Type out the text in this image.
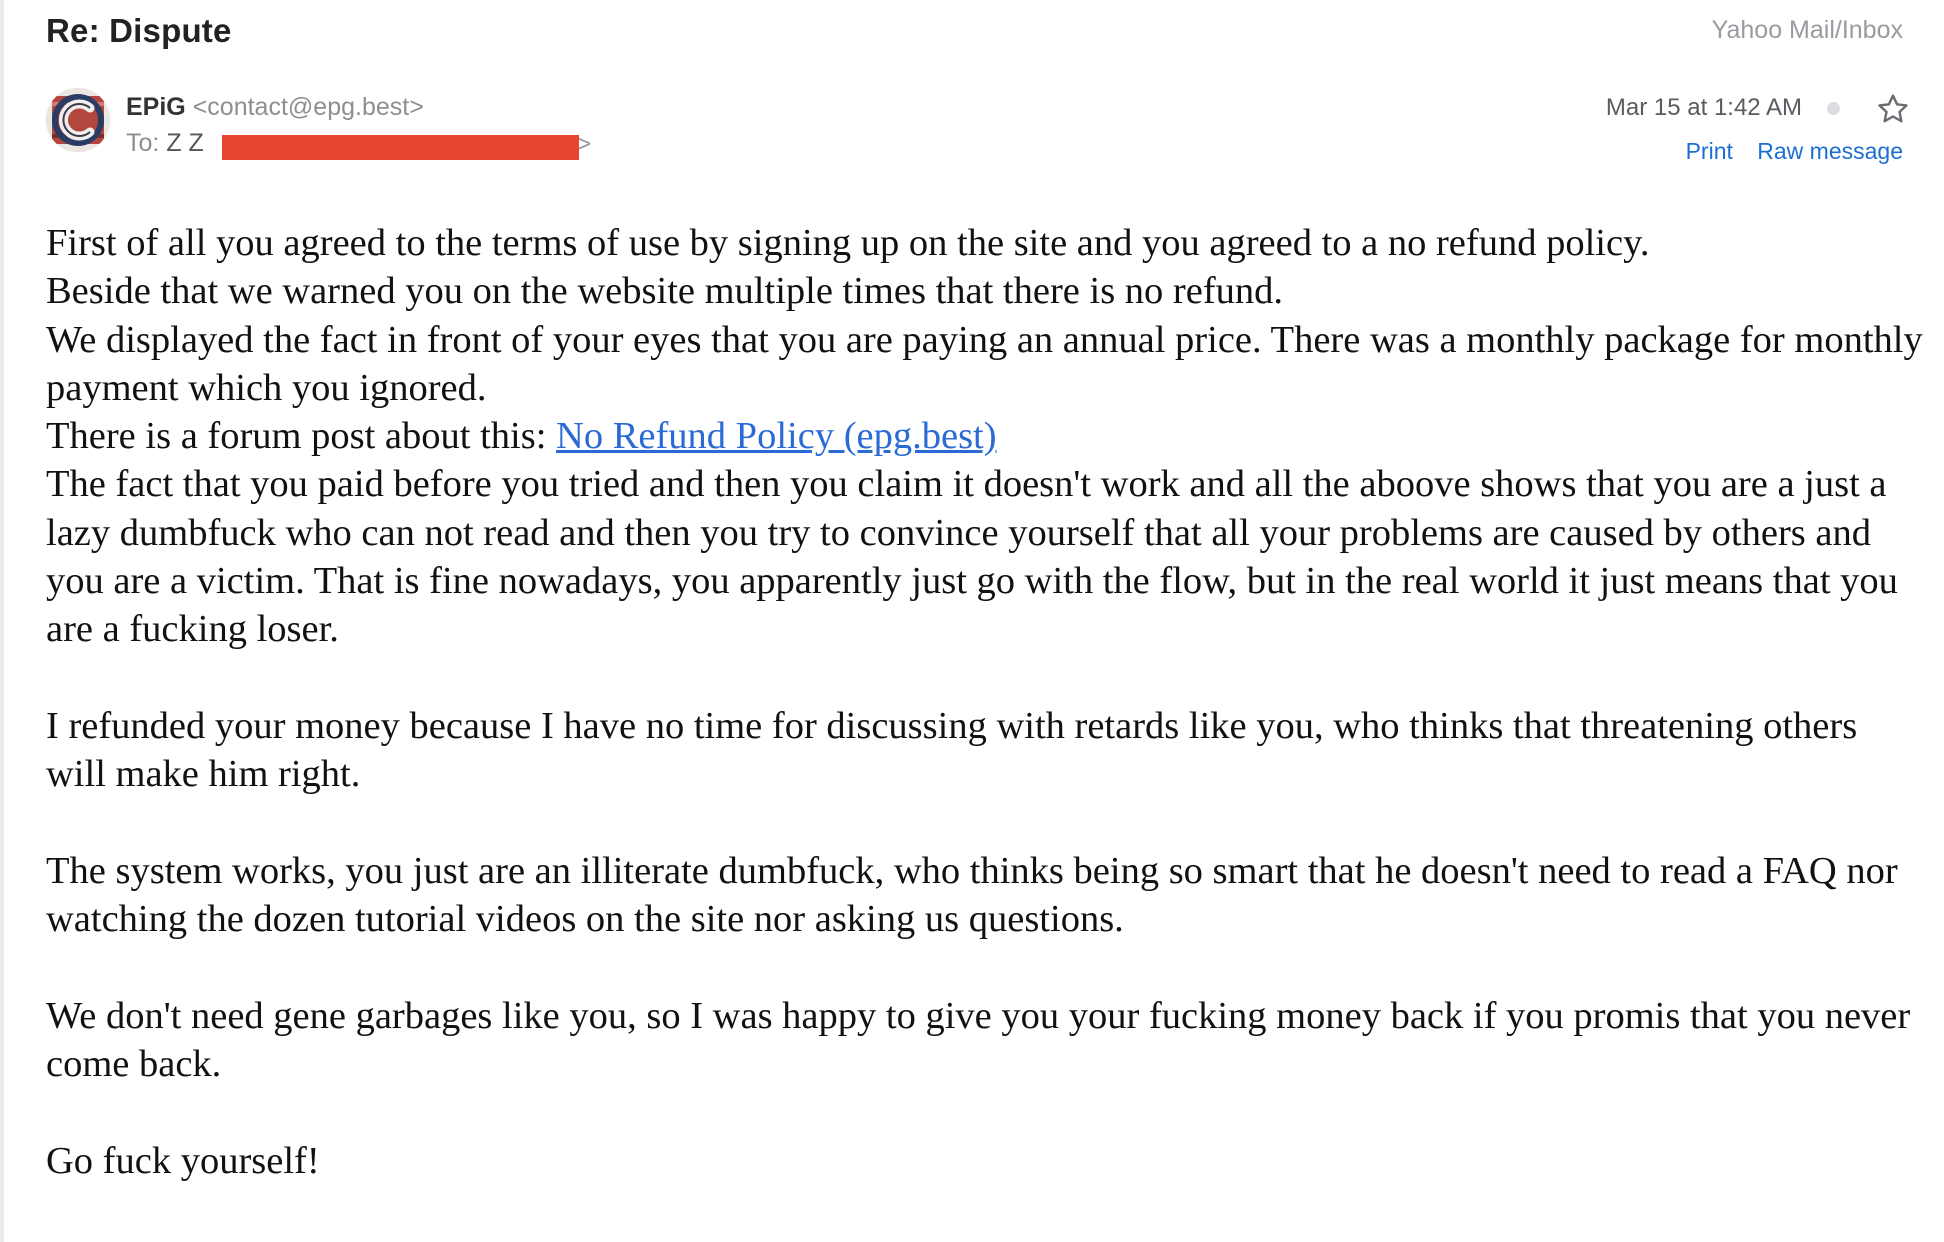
Re: Dispute	Yahoo Mail/Inbox
EPiG <contact@epg.best>
To: Z Z	>
Mar 15 at 1:42 AM
Print Raw message

First of all you agreed to the terms of use by signing up on the site and you agreed to a no refund policy.

Beside that we warned you on the website multiple times that there is no refund.

We displayed the fact in front of your eyes that you are paying an annual price. There was a monthly package for monthly payment which you ignored.

There is a forum post about this: No Refund Policy (epg.best)

The fact that you paid before you tried and then you claim it doesn't work and all the aboove shows that you are a just a lazy dumbfuck who can not read and then you try to convince yourself that all your problems are caused by others and you are a victim. That is fine nowadays, you apparently just go with the flow, but in the real world it just means that you are a fucking loser.

I refunded your money because I have no time for discussing with retards like you, who thinks that threatening others will make him right.

The system works, you just are an illiterate dumbfuck, who thinks being so smart that he doesn't need to read a FAQ nor watching the dozen tutorial videos on the site nor asking us questions.

We don't need gene garbages like you, so I was happy to give you your fucking money back if you promis that you never come back.

Go fuck yourself!
